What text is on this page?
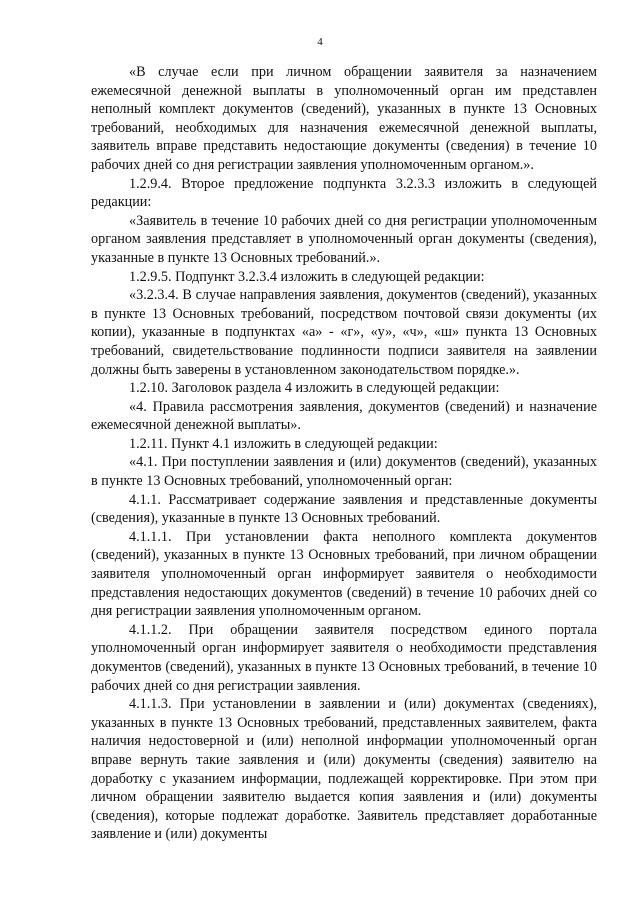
4

«В случае если при личном обращении заявителя за назначением ежемесячной денежной выплаты в уполномоченный орган им представлен неполный комплект документов (сведений), указанных в пункте 13 Основных требований, необходимых для назначения ежемесячной денежной выплаты, заявитель вправе представить недостающие документы (сведения) в течение 10 рабочих дней со дня регистрации заявления уполномоченным органом.».

1.2.9.4. Второе предложение подпункта 3.2.3.3 изложить в следующей редакции:

«Заявитель в течение 10 рабочих дней со дня регистрации уполномоченным органом заявления представляет в уполномоченный орган документы (сведения), указанные в пункте 13 Основных требований.».

1.2.9.5. Подпункт 3.2.3.4 изложить в следующей редакции:

«3.2.3.4. В случае направления заявления, документов (сведений), указанных в пункте 13 Основных требований, посредством почтовой связи документы (их копии), указанные в подпунктах «а» - «г», «у», «ч», «ш» пункта 13 Основных требований, свидетельствование подлинности подписи заявителя на заявлении должны быть заверены в установленном законодательством порядке.».

1.2.10. Заголовок раздела 4 изложить в следующей редакции:

«4. Правила рассмотрения заявления, документов (сведений) и назначение ежемесячной денежной выплаты».

1.2.11. Пункт 4.1 изложить в следующей редакции:

«4.1. При поступлении заявления и (или) документов (сведений), указанных в пункте 13 Основных требований, уполномоченный орган:

4.1.1. Рассматривает содержание заявления и представленные документы (сведения), указанные в пункте 13 Основных требований.

4.1.1.1. При установлении факта неполного комплекта документов (сведений), указанных в пункте 13 Основных требований, при личном обращении заявителя уполномоченный орган информирует заявителя о необходимости представления недостающих документов (сведений) в течение 10 рабочих дней со дня регистрации заявления уполномоченным органом.

4.1.1.2. При обращении заявителя посредством единого портала уполномоченный орган информирует заявителя о необходимости представления документов (сведений), указанных в пункте 13 Основных требований, в течение 10 рабочих дней со дня регистрации заявления.

4.1.1.3. При установлении в заявлении и (или) документах (сведениях), указанных в пункте 13 Основных требований, представленных заявителем, факта наличия недостоверной и (или) неполной информации уполномоченный орган вправе вернуть такие заявления и (или) документы (сведения) заявителю на доработку с указанием информации, подлежащей корректировке. При этом при личном обращении заявителю выдается копия заявления и (или) документы (сведения), которые подлежат доработке. Заявитель представляет доработанные заявление и (или) документы
